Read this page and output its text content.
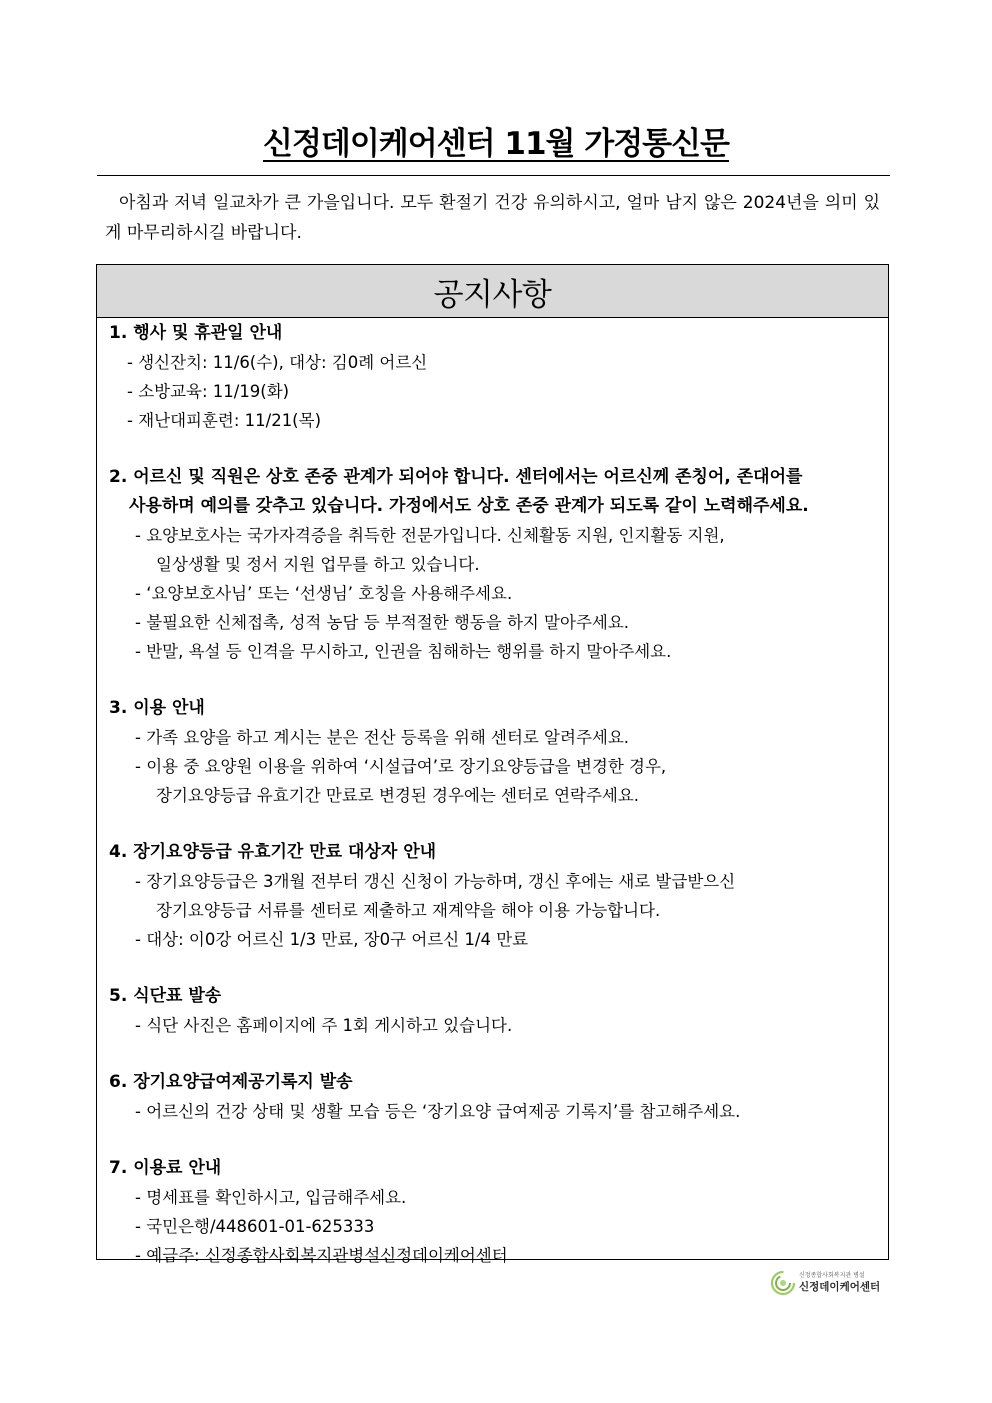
신정데이케어센터 11월 가정통신문
아침과 저녁 일교차가 큰 가을입니다. 모두 환절기 건강 유의하시고, 얼마 남지 않은 2024년을 의미 있게 마무리하시길 바랍니다.
공지사항
1. 행사 및 휴관일 안내
- 생신잔치: 11/6(수), 대상: 김0례 어르신
- 소방교육: 11/19(화)
- 재난대피훈련: 11/21(목)
2. 어르신 및 직원은 상호 존중 관계가 되어야 합니다. 센터에서는 어르신께 존칭어, 존대어를
사용하며 예의를 갖추고 있습니다. 가정에서도 상호 존중 관계가 되도록 같이 노력해주세요.
- 요양보호사는 국가자격증을 취득한 전문가입니다. 신체활동 지원, 인지활동 지원,
일상생활 및 정서 지원 업무를 하고 있습니다.
- ‘요양보호사님’ 또는 ‘선생님’ 호칭을 사용해주세요.
- 불필요한 신체접촉, 성적 농담 등 부적절한 행동을 하지 말아주세요.
- 반말, 욕설 등 인격을 무시하고, 인권을 침해하는 행위를 하지 말아주세요.
3. 이용 안내
- 가족 요양을 하고 계시는 분은 전산 등록을 위해 센터로 알려주세요.
- 이용 중 요양원 이용을 위하여 ‘시설급여’로 장기요양등급을 변경한 경우,
장기요양등급 유효기간 만료로 변경된 경우에는 센터로 연락주세요.
4. 장기요양등급 유효기간 만료 대상자 안내
- 장기요양등급은 3개월 전부터 갱신 신청이 가능하며, 갱신 후에는 새로 발급받으신
장기요양등급 서류를 센터로 제출하고 재계약을 해야 이용 가능합니다.
- 대상: 이0강 어르신 1/3 만료, 장0구 어르신 1/4 만료
5. 식단표 발송
- 식단 사진은 홈페이지에 주 1회 게시하고 있습니다.
6. 장기요양급여제공기록지 발송
- 어르신의 건강 상태 및 생활 모습 등은 ‘장기요양 급여제공 기록지’를 참고해주세요.
7. 이용료 안내
- 명세표를 확인하시고, 입금해주세요.
- 국민은행/448601-01-625333
- 예금주: 신정종합사회복지관병설신정데이케어센터
신정종합사회복지관 병설
신정데이케어센터
